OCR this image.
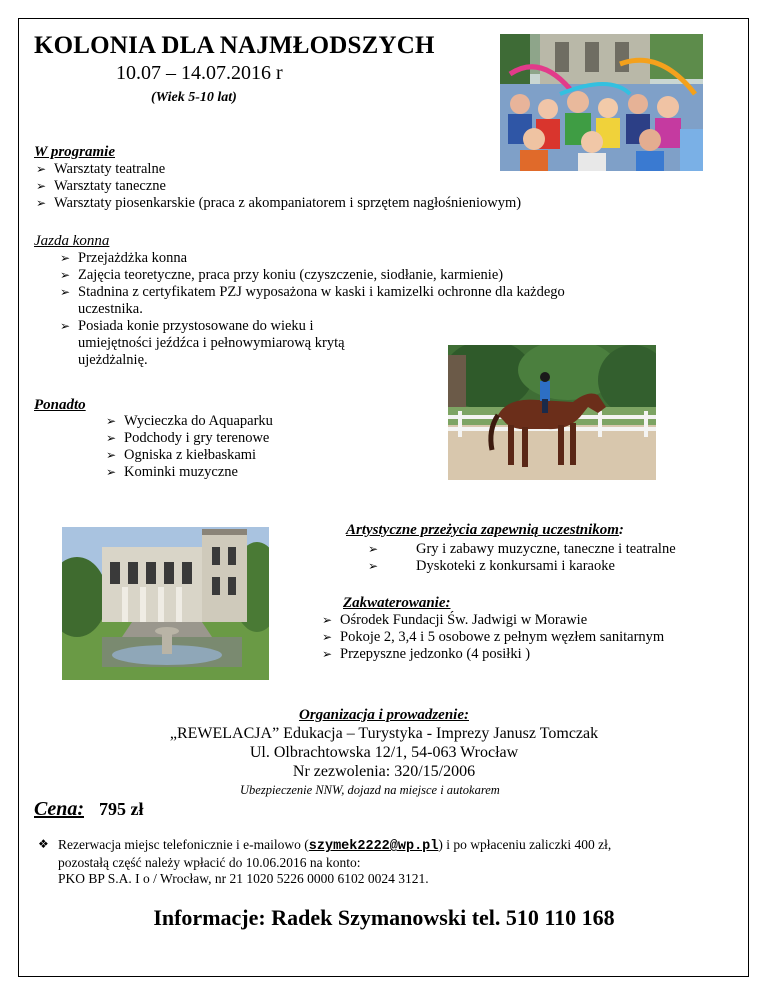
KOLONIA DLA NAJMŁODSZYCH
10.07 – 14.07.2016 r
(Wiek 5-10 lat)
W programie
➢ Warsztaty teatralne
➢ Warsztaty taneczne
➢ Warsztaty piosenkarskie (praca z akompaniatorem i sprzętem nagłośnieniowym)
Jazda konna
➢ Przejażdżka konna
➢ Zajęcia teoretyczne, praca przy koniu (czyszczenie, siodłanie, karmienie)
➢ Stadnina z certyfikatem PZJ wyposażona w kaski i kamizelki ochronne dla każdego
uczestnika.
➢ Posiada konie przystosowane do wieku i
umiejętności jeźdźca i pełnowymiarową krytą
ujeżdżalnię.
Ponadto
➢ Wycieczka do Aquaparku
➢ Podchody i gry terenowe
➢ Ogniska z kiełbaskami
➢ Kominki muzyczne
Artystyczne przeżycia zapewnią uczestnikom:
➢ Gry i zabawy muzyczne, taneczne i teatralne
➢ Dyskoteki z konkursami i karaoke
Zakwaterowanie:
➢ Ośrodek Fundacji Św. Jadwigi w Morawie
➢ Pokoje 2, 3,4 i 5 osobowe z pełnym węzłem sanitarnym
➢ Przepyszne jedzonko (4 posiłki )
Organizacja i prowadzenie:
„REWELACJA” Edukacja – Turystyka - Imprezy Janusz Tomczak
Ul. Olbrachtowska 12/1, 54-063 Wrocław
Nr zezwolenia: 320/15/2006
Ubezpieczenie NNW, dojazd na miejsce i autokarem
Cena: 795 zł
❖ Rezerwacja miejsc telefonicznie i e-mailowo (szymek2222@wp.pl) i po wpłaceniu zaliczki 400 zł,
pozostałą część należy wpłacić do 10.06.2016 na konto:
PKO BP S.A. I o / Wrocław, nr 21 1020 5226 0000 6102 0024 3121.
Informacje: Radek Szymanowski tel. 510 110 168
